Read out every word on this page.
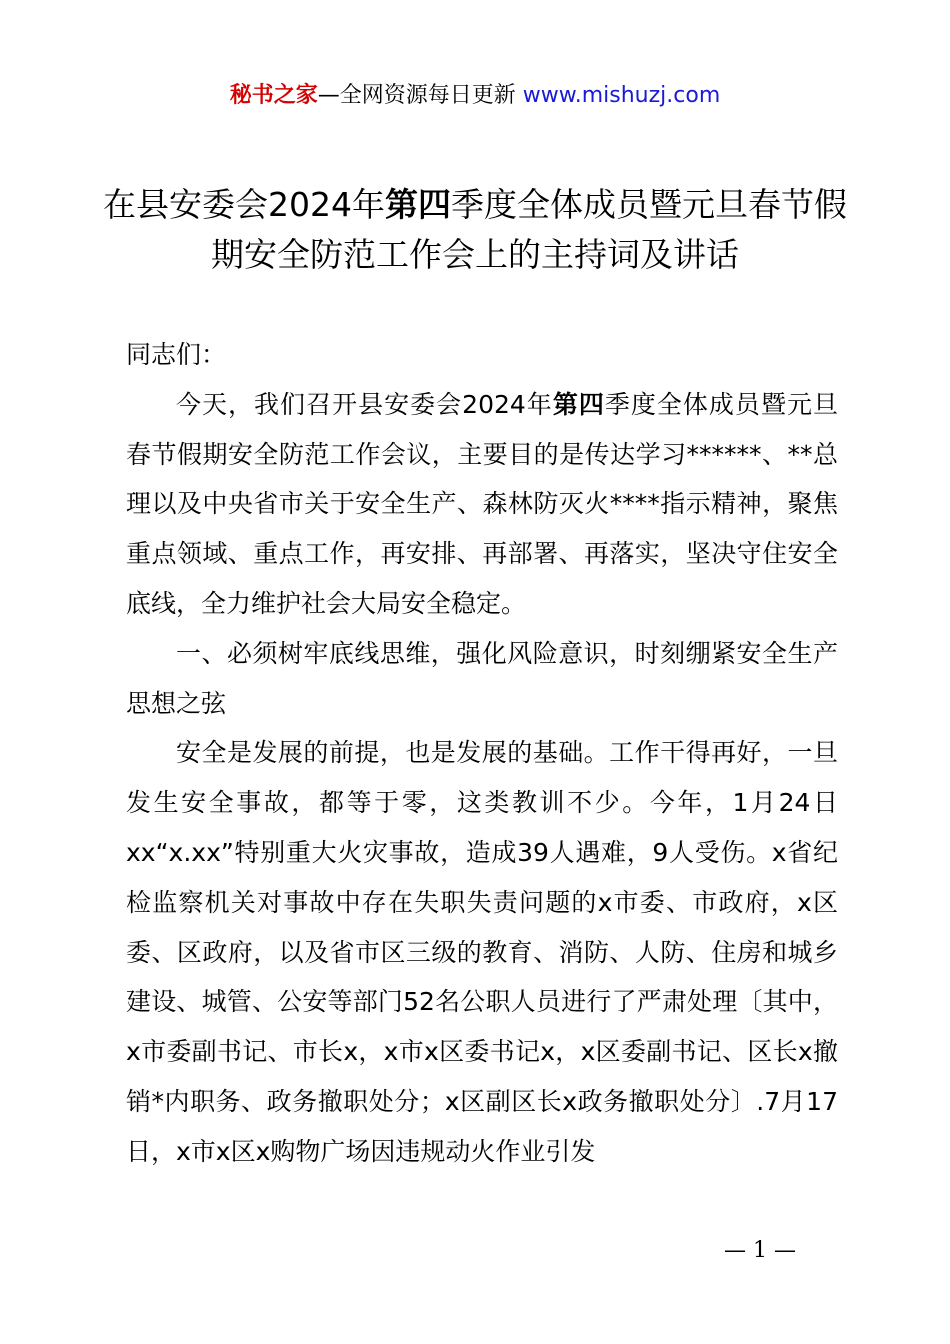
秘书之家—全网资源每日更新 www.mishuzj.com
在县安委会2024年第四季度全体成员暨元旦春节假期安全防范工作会上的主持词及讲话

同志们：

今天，我们召开县安委会2024年第四季度全体成员暨元旦春节假期安全防范工作会议，主要目的是传达学习******、**总理以及中央省市关于安全生产、森林防灭火****指示精神，聚焦重点领域、重点工作，再安排、再部署、再落实，坚决守住安全底线，全力维护社会大局安全稳定。

一、必须树牢底线思维，强化风险意识，时刻绷紧安全生产思想之弦

安全是发展的前提，也是发展的基础。工作干得再好，一旦发生安全事故，都等于零，这类教训不少。今年，1月24日xx“x.xx”特别重大火灾事故，造成39人遇难，9人受伤。x省纪检监察机关对事故中存在失职失责问题的x市委、市政府，x区委、区政府，以及省市区三级的教育、消防、人防、住房和城乡建设、城管、公安等部门52名公职人员进行了严肃处理〔其中，x市委副书记、市长x，x市x区委书记x，x区委副书记、区长x撤销*内职务、政务撤职处分；x区副区长x政务撤职处分〕.7月17日，x市x区x购物广场因违规动火作业引发

— 1 —
